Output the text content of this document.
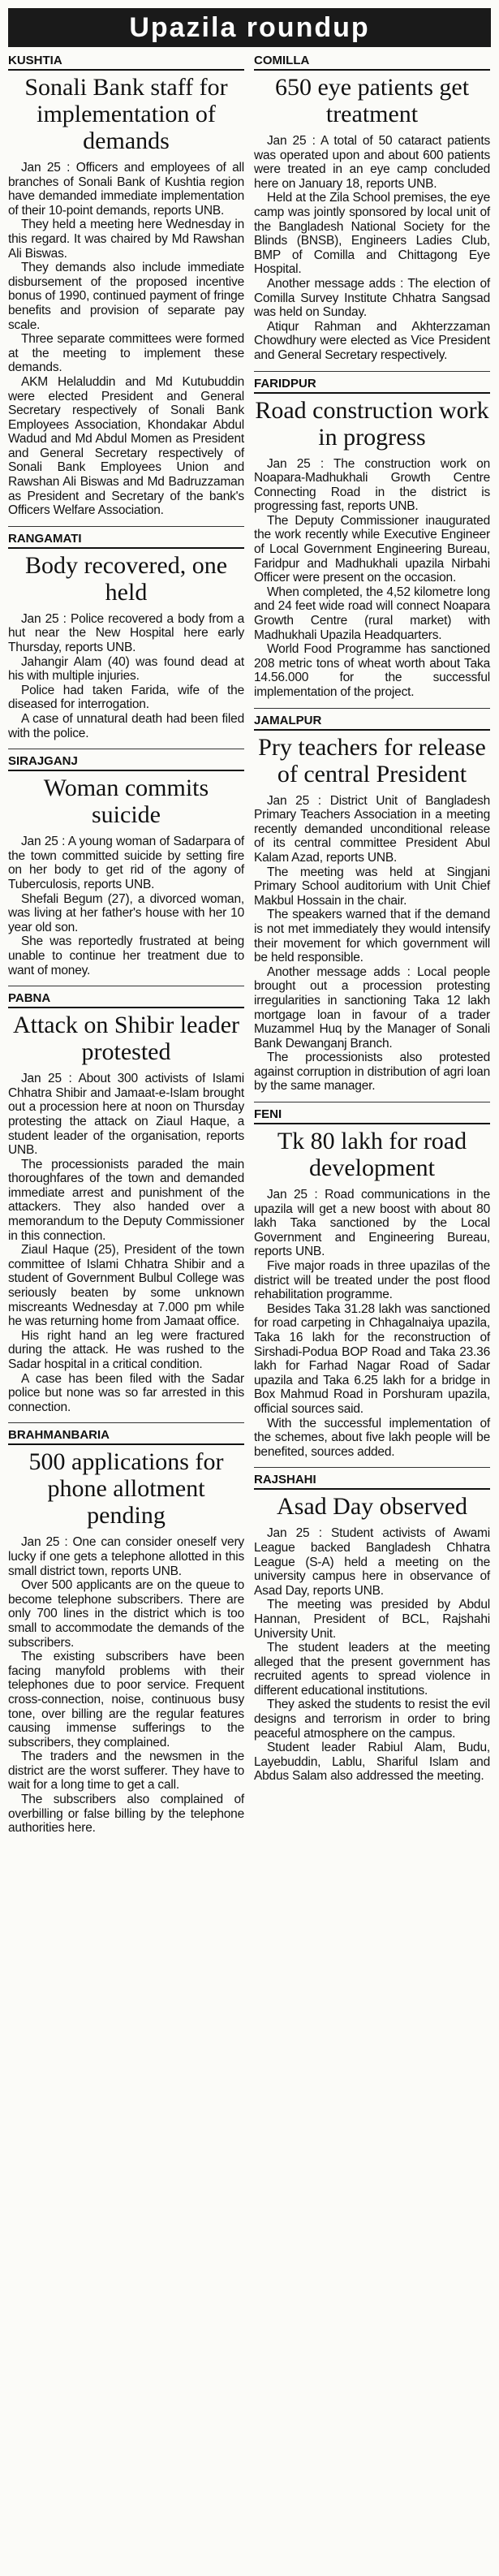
Upazila roundup
KUSHTIA
Sonali Bank staff for implementation of demands

Jan 25 : Officers and employees of all branches of Sonali Bank of Kushtia region have demanded immediate implementation of their 10-point demands, reports UNB.

They held a meeting here Wednesday in this regard. It was chaired by Md Rawshan Ali Biswas.

They demands also include immediate disbursement of the proposed incentive bonus of 1990, continued payment of fringe benefits and provision of separate pay scale.

Three separate committees were formed at the meeting to implement these demands.

AKM Helaluddin and Md Kutubuddin were elected President and General Secretary respectively of Sonali Bank Employees Association, Khondakar Abdul Wadud and Md Abdul Momen as President and General Secretary respectively of Sonali Bank Employees Union and Rawshan Ali Biswas and Md Badruzzaman as President and Secretary of the bank's Officers Welfare Association.

RANGAMATI
Body recovered, one held

Jan 25 : Police recovered a body from a hut near the New Hospital here early Thursday, reports UNB.

Jahangir Alam (40) was found dead at his with multiple injuries.

Police had taken Farida, wife of the diseased for interrogation.

A case of unnatural death had been filed with the police.

SIRAJGANJ
Woman commits suicide

Jan 25 : A young woman of Sadarpara of the town committed suicide by setting fire on her body to get rid of the agony of Tuberculosis, reports UNB.

Shefali Begum (27), a divorced woman, was living at her father's house with her 10 year old son.

She was reportedly frustrated at being unable to continue her treatment due to want of money.

PABNA
Attack on Shibir leader protested

Jan 25 : About 300 activists of Islami Chhatra Shibir and Jamaat-e-Islam brought out a procession here at noon on Thursday protesting the attack on Ziaul Haque, a student leader of the organisation, reports UNB.

The processionists paraded the main thoroughfares of the town and demanded immediate arrest and punishment of the attackers. They also handed over a memorandum to the Deputy Commissioner in this connection.

Ziaul Haque (25), President of the town committee of Islami Chhatra Shibir and a student of Government Bulbul College was seriously beaten by some unknown miscreants Wednesday at 7.000 pm while he was returning home from Jamaat office.

His right hand an leg were fractured during the attack. He was rushed to the Sadar hospital in a critical condition.

A case has been filed with the Sadar police but none was so far arrested in this connection.

BRAHMANBARIA
500 applications for phone allotment pending

Jan 25 : One can consider oneself very lucky if one gets a telephone allotted in this small district town, reports UNB.

Over 500 applicants are on the queue to become telephone subscribers. There are only 700 lines in the district which is too small to accommodate the demands of the subscribers.

The existing subscribers have been facing manyfold problems with their telephones due to poor service. Frequent cross-connection, noise, continuous busy tone, over billing are the regular features causing immense sufferings to the subscribers, they complained.

The traders and the newsmen in the district are the worst sufferer. They have to wait for a long time to get a call.

The subscribers also complained of overbilling or false billing by the telephone authorities here.

COMILLA
650 eye patients get treatment

Jan 25 : A total of 50 cataract patients was operated upon and about 600 patients were treated in an eye camp concluded here on January 18, reports UNB.

Held at the Zila School premises, the eye camp was jointly sponsored by local unit of the Bangladesh National Society for the Blinds (BNSB), Engineers Ladies Club, BMP of Comilla and Chittagong Eye Hospital.

Another message adds : The election of Comilla Survey Institute Chhatra Sangsad was held on Sunday.

Atiqur Rahman and Akhterzzaman Chowdhury were elected as Vice President and General Secretary respectively.

FARIDPUR
Road construction work in progress

Jan 25 : The construction work on Noapara-Madhukhali Growth Centre Connecting Road in the district is progressing fast, reports UNB.

The Deputy Commissioner inaugurated the work recently while Executive Engineer of Local Government Engineering Bureau, Faridpur and Madhukhali upazila Nirbahi Officer were present on the occasion.

When completed, the 4,52 kilometre long and 24 feet wide road will connect Noapara Growth Centre (rural market) with Madhukhali Upazila Headquarters.

World Food Programme has sanctioned 208 metric tons of wheat worth about Taka 14.56.000 for the successful implementation of the project.

JAMALPUR
Pry teachers for release of central President

Jan 25 : District Unit of Bangladesh Primary Teachers Association in a meeting recently demanded unconditional release of its central committee President Abul Kalam Azad, reports UNB.

The meeting was held at Singjani Primary School auditorium with Unit Chief Makbul Hossain in the chair.

The speakers warned that if the demand is not met immediately they would intensify their movement for which government will be held responsible.

Another message adds : Local people brought out a procession protesting irregularities in sanctioning Taka 12 lakh mortgage loan in favour of a trader Muzammel Huq by the Manager of Sonali Bank Dewanganj Branch.

The processionists also protested against corruption in distribution of agri loan by the same manager.

FENI
Tk 80 lakh for road development

Jan 25 : Road communications in the upazila will get a new boost with about 80 lakh Taka sanctioned by the Local Government and Engineering Bureau, reports UNB.

Five major roads in three upazilas of the district will be treated under the post flood rehabilitation programme.

Besides Taka 31.28 lakh was sanctioned for road carpeting in Chhagalnaiya upazila, Taka 16 lakh for the reconstruction of Sirshadi-Podua BOP Road and Taka 23.36 lakh for Farhad Nagar Road of Sadar upazila and Taka 6.25 lakh for a bridge in Box Mahmud Road in Porshuram upazila, official sources said.

With the successful implementation of the schemes, about five lakh people will be benefited, sources added.

RAJSHAHI
Asad Day observed

Jan 25 : Student activists of Awami League backed Bangladesh Chhatra League (S-A) held a meeting on the university campus here in observance of Asad Day, reports UNB.

The meeting was presided by Abdul Hannan, President of BCL, Rajshahi University Unit.

The student leaders at the meeting alleged that the present government has recruited agents to spread violence in different educational institutions.

They asked the students to resist the evil designs and terrorism in order to bring peaceful atmosphere on the campus.

Student leader Rabiul Alam, Budu, Layebuddin, Lablu, Shariful Islam and Abdus Salam also addressed the meeting.
